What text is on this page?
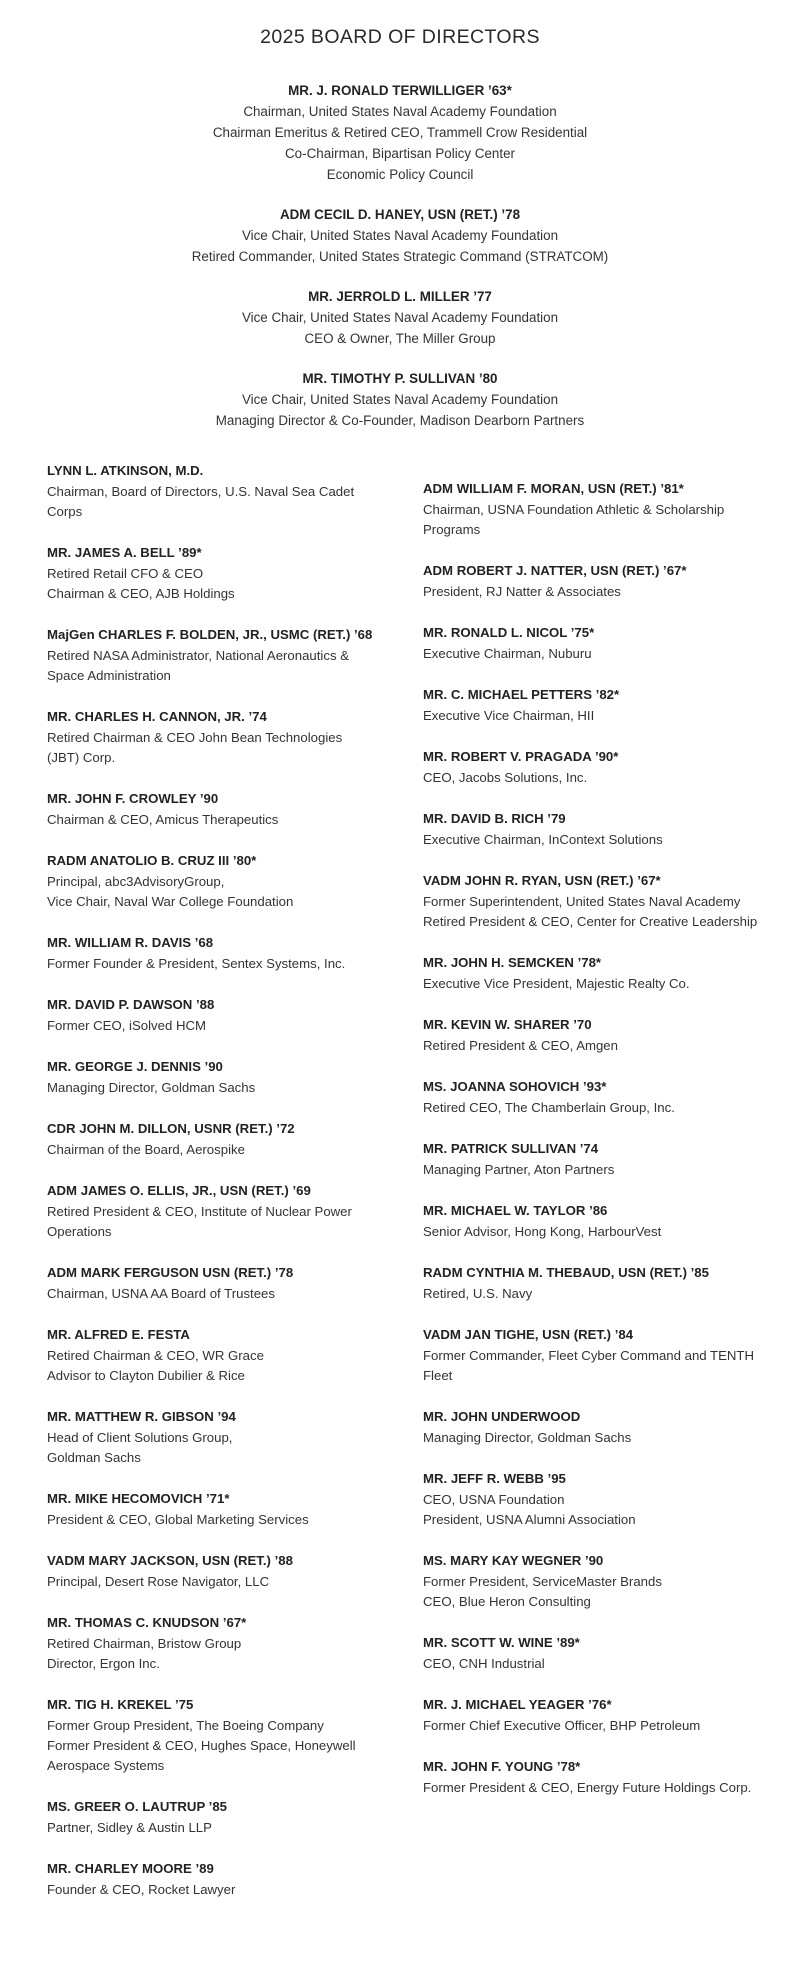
2025 BOARD OF DIRECTORS
MR. J. RONALD TERWILLIGER ’63*
Chairman, United States Naval Academy Foundation
Chairman Emeritus & Retired CEO, Trammell Crow Residential
Co-Chairman, Bipartisan Policy Center
Economic Policy Council
ADM CECIL D. HANEY, USN (RET.) ’78
Vice Chair, United States Naval Academy Foundation
Retired Commander, United States Strategic Command (STRATCOM)
MR. JERROLD L. MILLER ’77
Vice Chair, United States Naval Academy Foundation
CEO & Owner, The Miller Group
MR. TIMOTHY P. SULLIVAN ’80
Vice Chair, United States Naval Academy Foundation
Managing Director & Co-Founder, Madison Dearborn Partners
LYNN L. ATKINSON, M.D.
Chairman, Board of Directors, U.S. Naval Sea Cadet Corps
MR. JAMES A. BELL ’89*
Retired Retail CFO & CEO
Chairman & CEO, AJB Holdings
MajGen CHARLES F. BOLDEN, JR., USMC (RET.) ’68
Retired NASA Administrator, National Aeronautics & Space Administration
MR. CHARLES H. CANNON, JR. ’74
Retired Chairman & CEO John Bean Technologies (JBT) Corp.
MR. JOHN F. CROWLEY ’90
Chairman & CEO, Amicus Therapeutics
RADM ANATOLIO B. CRUZ III ’80*
Principal, abc3AdvisoryGroup,
Vice Chair, Naval War College Foundation
MR. WILLIAM R. DAVIS ’68
Former Founder & President, Sentex Systems, Inc.
MR. DAVID P. DAWSON ’88
Former CEO, iSolved HCM
MR. GEORGE J. DENNIS ’90
Managing Director, Goldman Sachs
CDR JOHN M. DILLON, USNR (RET.) ’72
Chairman of the Board, Aerospike
ADM JAMES O. ELLIS, JR., USN (RET.) ’69
Retired President & CEO, Institute of Nuclear Power Operations
ADM MARK FERGUSON USN (RET.) ’78
Chairman, USNA AA Board of Trustees
MR. ALFRED E. FESTA
Retired Chairman & CEO, WR Grace
Advisor to Clayton Dubilier & Rice
MR. MATTHEW R. GIBSON ’94
Head of Client Solutions Group,
Goldman Sachs
MR. MIKE HECOMOVICH ’71*
President & CEO, Global Marketing Services
VADM MARY JACKSON, USN (RET.) ’88
Principal, Desert Rose Navigator, LLC
MR. THOMAS C. KNUDSON ’67*
Retired Chairman, Bristow Group
Director, Ergon Inc.
MR. TIG H. KREKEL ’75
Former Group President, The Boeing Company
Former President & CEO, Hughes Space, Honeywell Aerospace Systems
MS. GREER O. LAUTRUP ’85
Partner, Sidley & Austin LLP
MR. CHARLEY MOORE ’89
Founder & CEO, Rocket Lawyer
ADM WILLIAM F. MORAN, USN (RET.) ’81*
Chairman, USNA Foundation Athletic & Scholarship Programs
ADM ROBERT J. NATTER, USN (RET.) ’67*
President, RJ Natter & Associates
MR. RONALD L. NICOL ’75*
Executive Chairman, Nuburu
MR. C. MICHAEL PETTERS ’82*
Executive Vice Chairman, HII
MR. ROBERT V. PRAGADA ’90*
CEO, Jacobs Solutions, Inc.
MR. DAVID B. RICH ’79
Executive Chairman, InContext Solutions
VADM JOHN R. RYAN, USN (RET.) ’67*
Former Superintendent, United States Naval Academy
Retired President & CEO, Center for Creative Leadership
MR. JOHN H. SEMCKEN ’78*
Executive Vice President, Majestic Realty Co.
MR. KEVIN W. SHARER ’70
Retired President & CEO, Amgen
MS. JOANNA SOHOVICH ’93*
Retired CEO, The Chamberlain Group, Inc.
MR. PATRICK SULLIVAN ’74
Managing Partner, Aton Partners
MR. MICHAEL W. TAYLOR ’86
Senior Advisor, Hong Kong, HarbourVest
RADM CYNTHIA M. THEBAUD, USN (RET.) ’85
Retired, U.S. Navy
VADM JAN TIGHE, USN (RET.) ’84
Former Commander, Fleet Cyber Command and TENTH Fleet
MR. JOHN UNDERWOOD
Managing Director, Goldman Sachs
MR. JEFF R. WEBB ’95
CEO, USNA Foundation
President, USNA Alumni Association
MS. MARY KAY WEGNER ’90
Former President, ServiceMaster Brands
CEO, Blue Heron Consulting
MR. SCOTT W. WINE ’89*
CEO, CNH Industrial
MR. J. MICHAEL YEAGER ’76*
Former Chief Executive Officer, BHP Petroleum
MR. JOHN F. YOUNG ’78*
Former President & CEO, Energy Future Holdings Corp.
